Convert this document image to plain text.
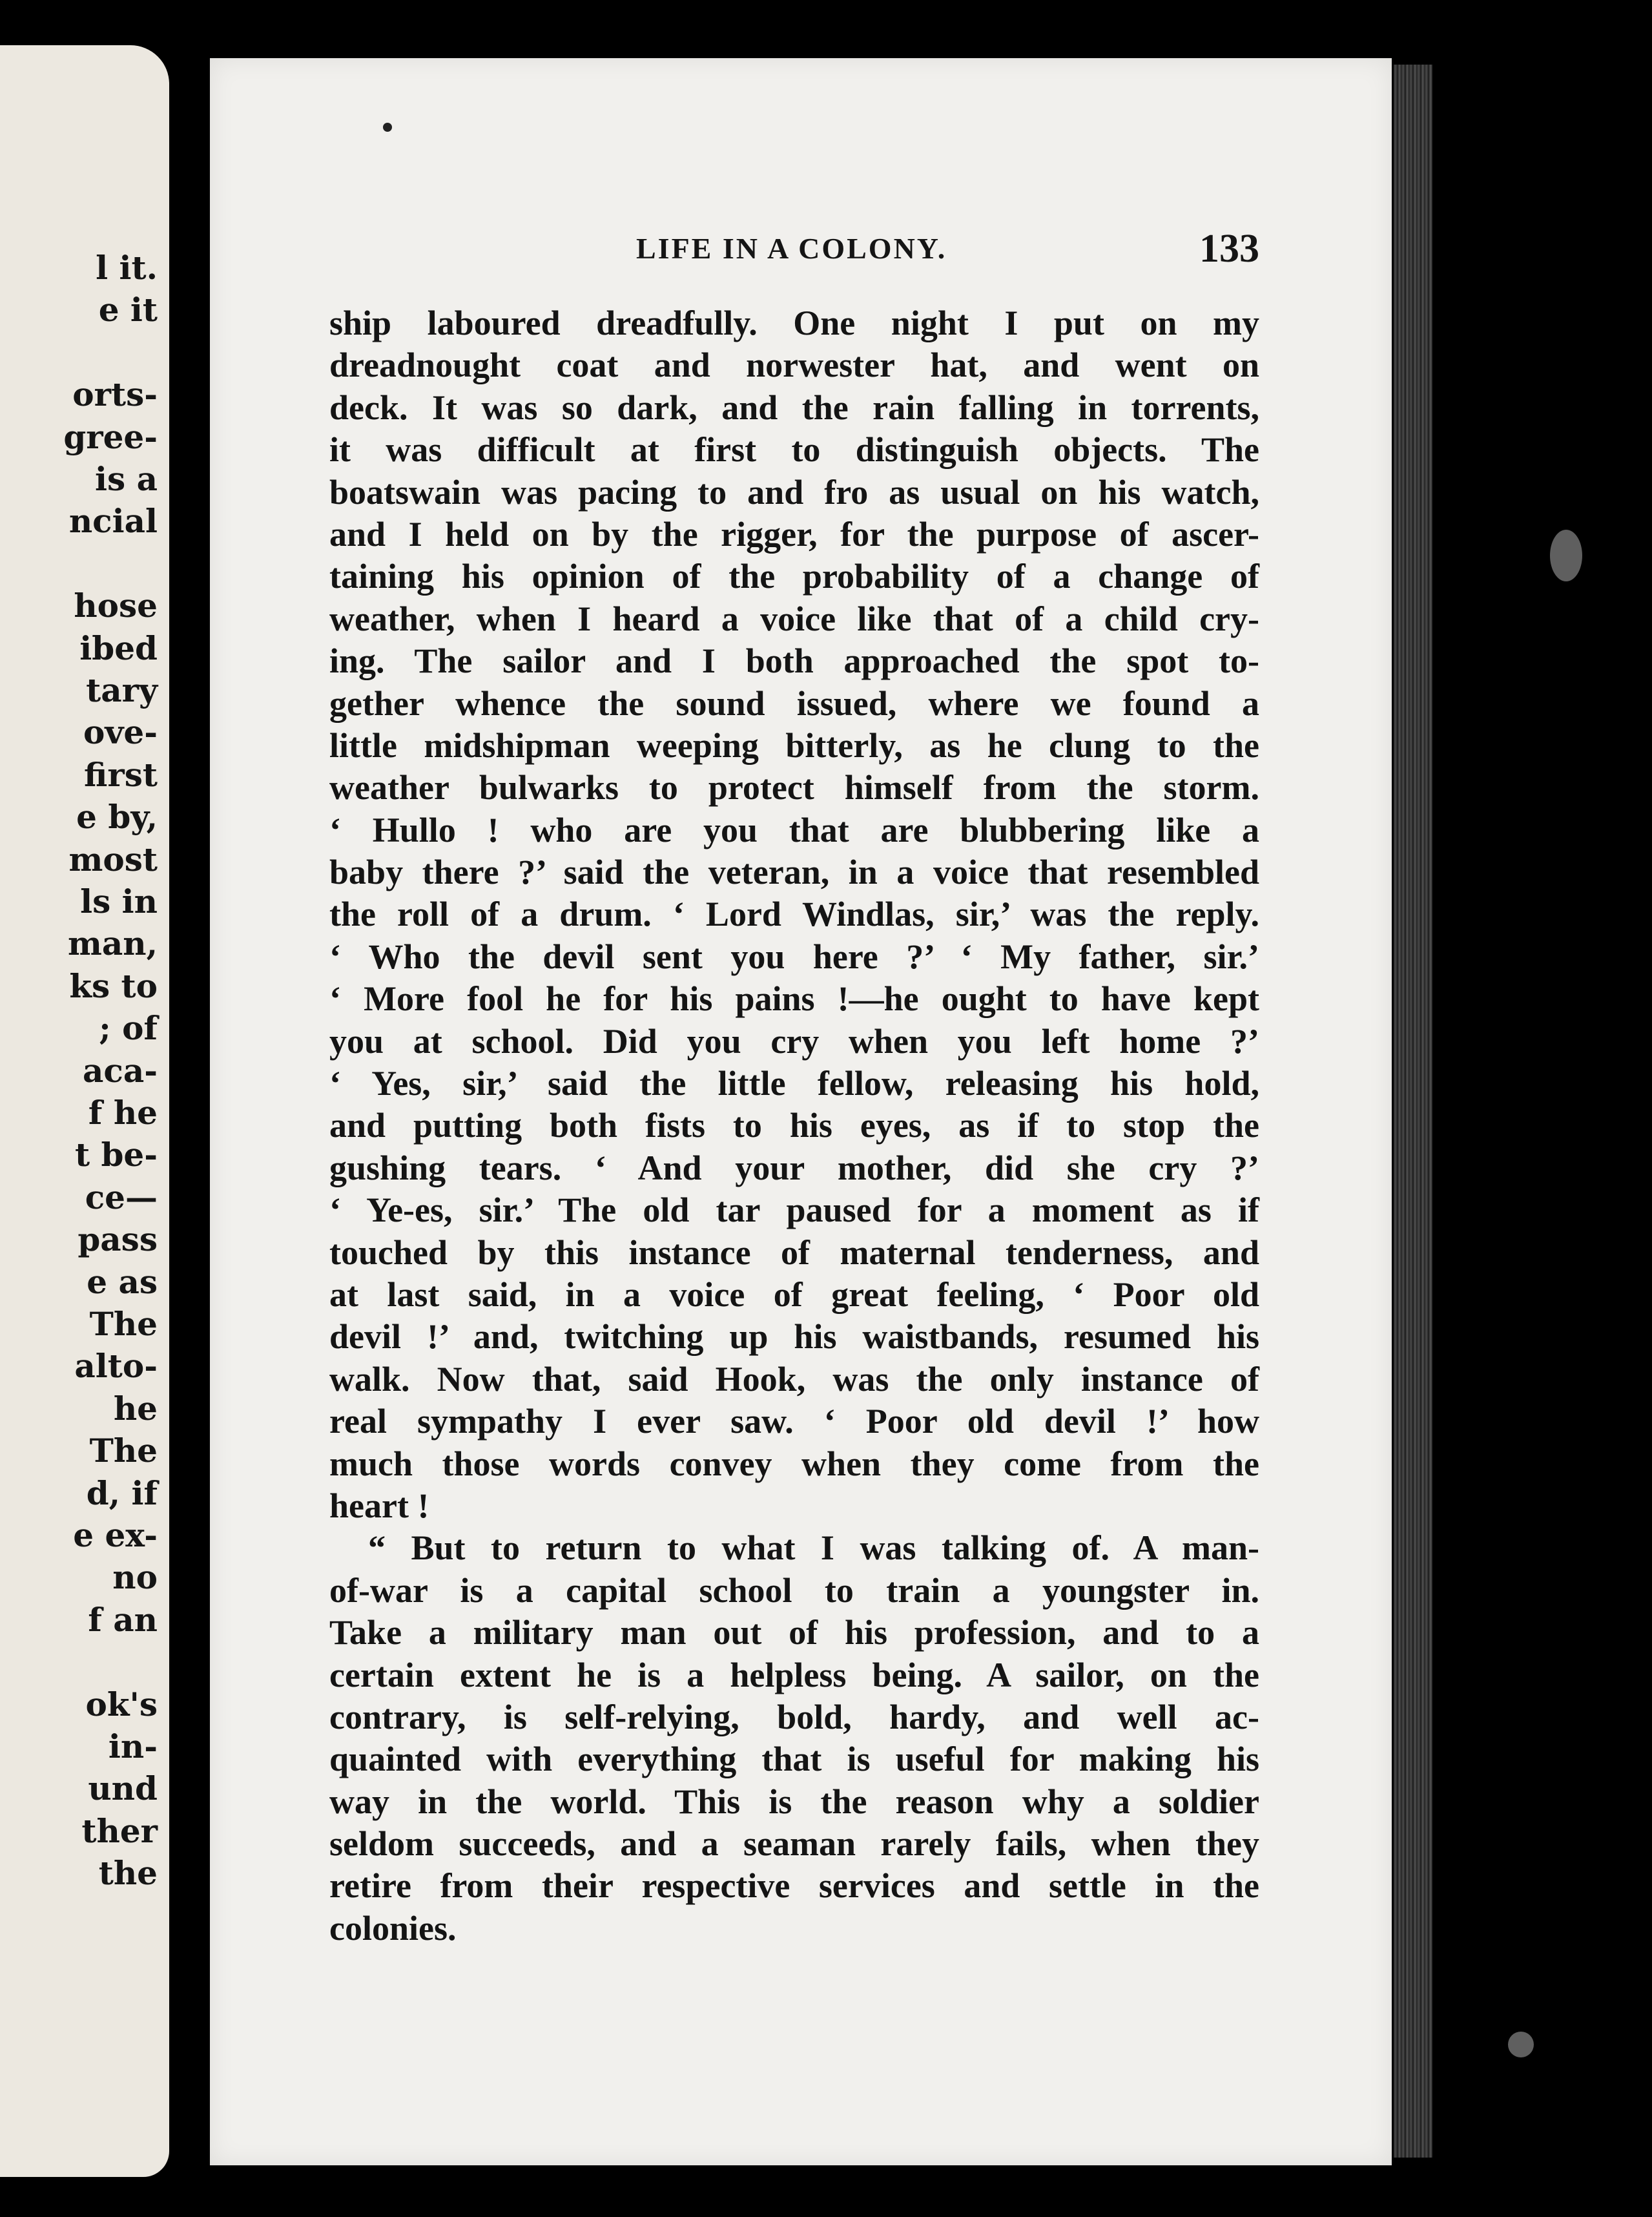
l it.
e it
orts-
gree-
is a
ncial
hose
ibed
tary
ove-
first
e by,
most
ls in
man,
ks to
; of
aca-
f he
t be-
ce—
pass
e as
The
alto-
he
The
d, if
e ex-
no
f an
ok's
in-
und
ther
the
LIFE IN A COLONY.	133
ship laboured dreadfully. One night I put on my
dreadnought coat and norwester hat, and went on
deck. It was so dark, and the rain falling in torrents,
it was difficult at first to distinguish objects. The
boatswain was pacing to and fro as usual on his watch,
and I held on by the rigger, for the purpose of ascer-
taining his opinion of the probability of a change of
weather, when I heard a voice like that of a child cry-
ing. The sailor and I both approached the spot to-
gether whence the sound issued, where we found a
little midshipman weeping bitterly, as he clung to the
weather bulwarks to protect himself from the storm.
‘ Hullo ! who are you that are blubbering like a
baby there ?’ said the veteran, in a voice that resembled
the roll of a drum. ‘ Lord Windlas, sir,’ was the reply.
‘ Who the devil sent you here ?’ ‘ My father, sir.’
‘ More fool he for his pains !—he ought to have kept
you at school. Did you cry when you left home ?’
‘ Yes, sir,’ said the little fellow, releasing his hold,
and putting both fists to his eyes, as if to stop the
gushing tears. ‘ And your mother, did she cry ?’
‘ Ye-es, sir.’ The old tar paused for a moment as if
touched by this instance of maternal tenderness, and
at last said, in a voice of great feeling, ‘ Poor old
devil !’ and, twitching up his waistbands, resumed his
walk. Now that, said Hook, was the only instance of
real sympathy I ever saw. ‘ Poor old devil !’ how
much those words convey when they come from the
heart !
“ But to return to what I was talking of. A man-
of-war is a capital school to train a youngster in.
Take a military man out of his profession, and to a
certain extent he is a helpless being. A sailor, on the
contrary, is self-relying, bold, hardy, and well ac-
quainted with everything that is useful for making his
way in the world. This is the reason why a soldier
seldom succeeds, and a seaman rarely fails, when they
retire from their respective services and settle in the
colonies.
